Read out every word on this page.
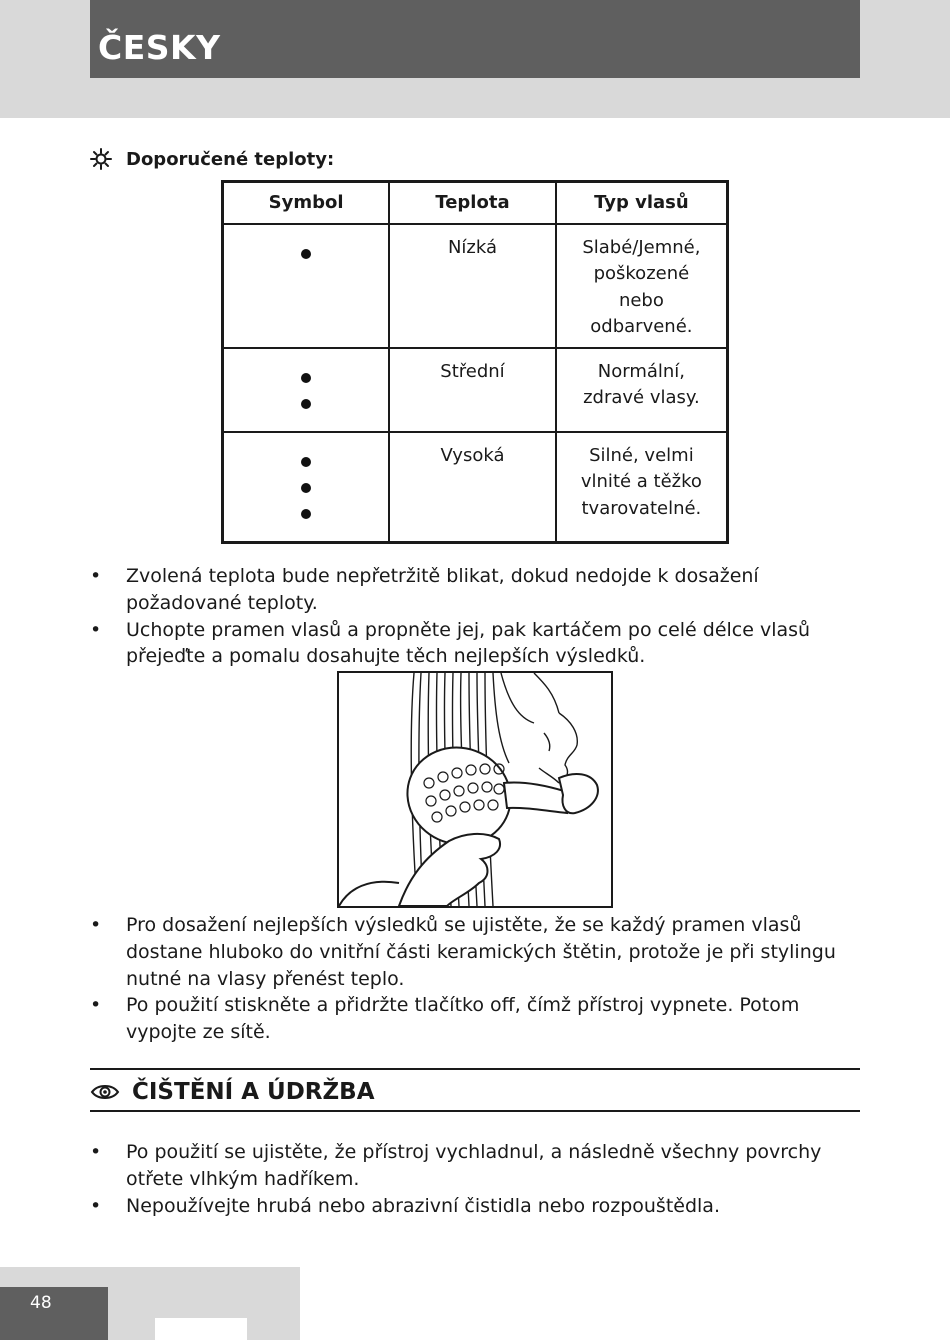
ČESKY
Doporučené teploty:
Symbol	Teplota	Typ vlasů

	Nízká	Slabé/Jemné,
poškozené
nebo
odbarvené.

	Střední	Normální,
zdravé vlasy.

	Vysoká	Silné, velmi
vlnité a těžko
tvarovatelné.
• Zvolená teplota bude nepřetržitě blikat, dokud nedojde k dosažení
požadované teploty.
• Uchopte pramen vlasů a propněte jej, pak kartáčem po celé délce vlasů
přejeďte a pomalu dosahujte těch nejlepších výsledků.
• Pro dosažení nejlepších výsledků se ujistěte, že se každý pramen vlasů
dostane hluboko do vnitřní části keramických štětin, protože je při stylingu
nutné na vlasy přenést teplo.
• Po použití stiskněte a přidržte tlačítko off, čímž přístroj vypnete. Potom
vypojte ze sítě.
ČIŠTĚNÍ A ÚDRŽBA
• Po použití se ujistěte, že přístroj vychladnul, a následně všechny povrchy
otřete vlhkým hadříkem.
• Nepoužívejte hrubá nebo abrazivní čistidla nebo rozpouštědla.
48
